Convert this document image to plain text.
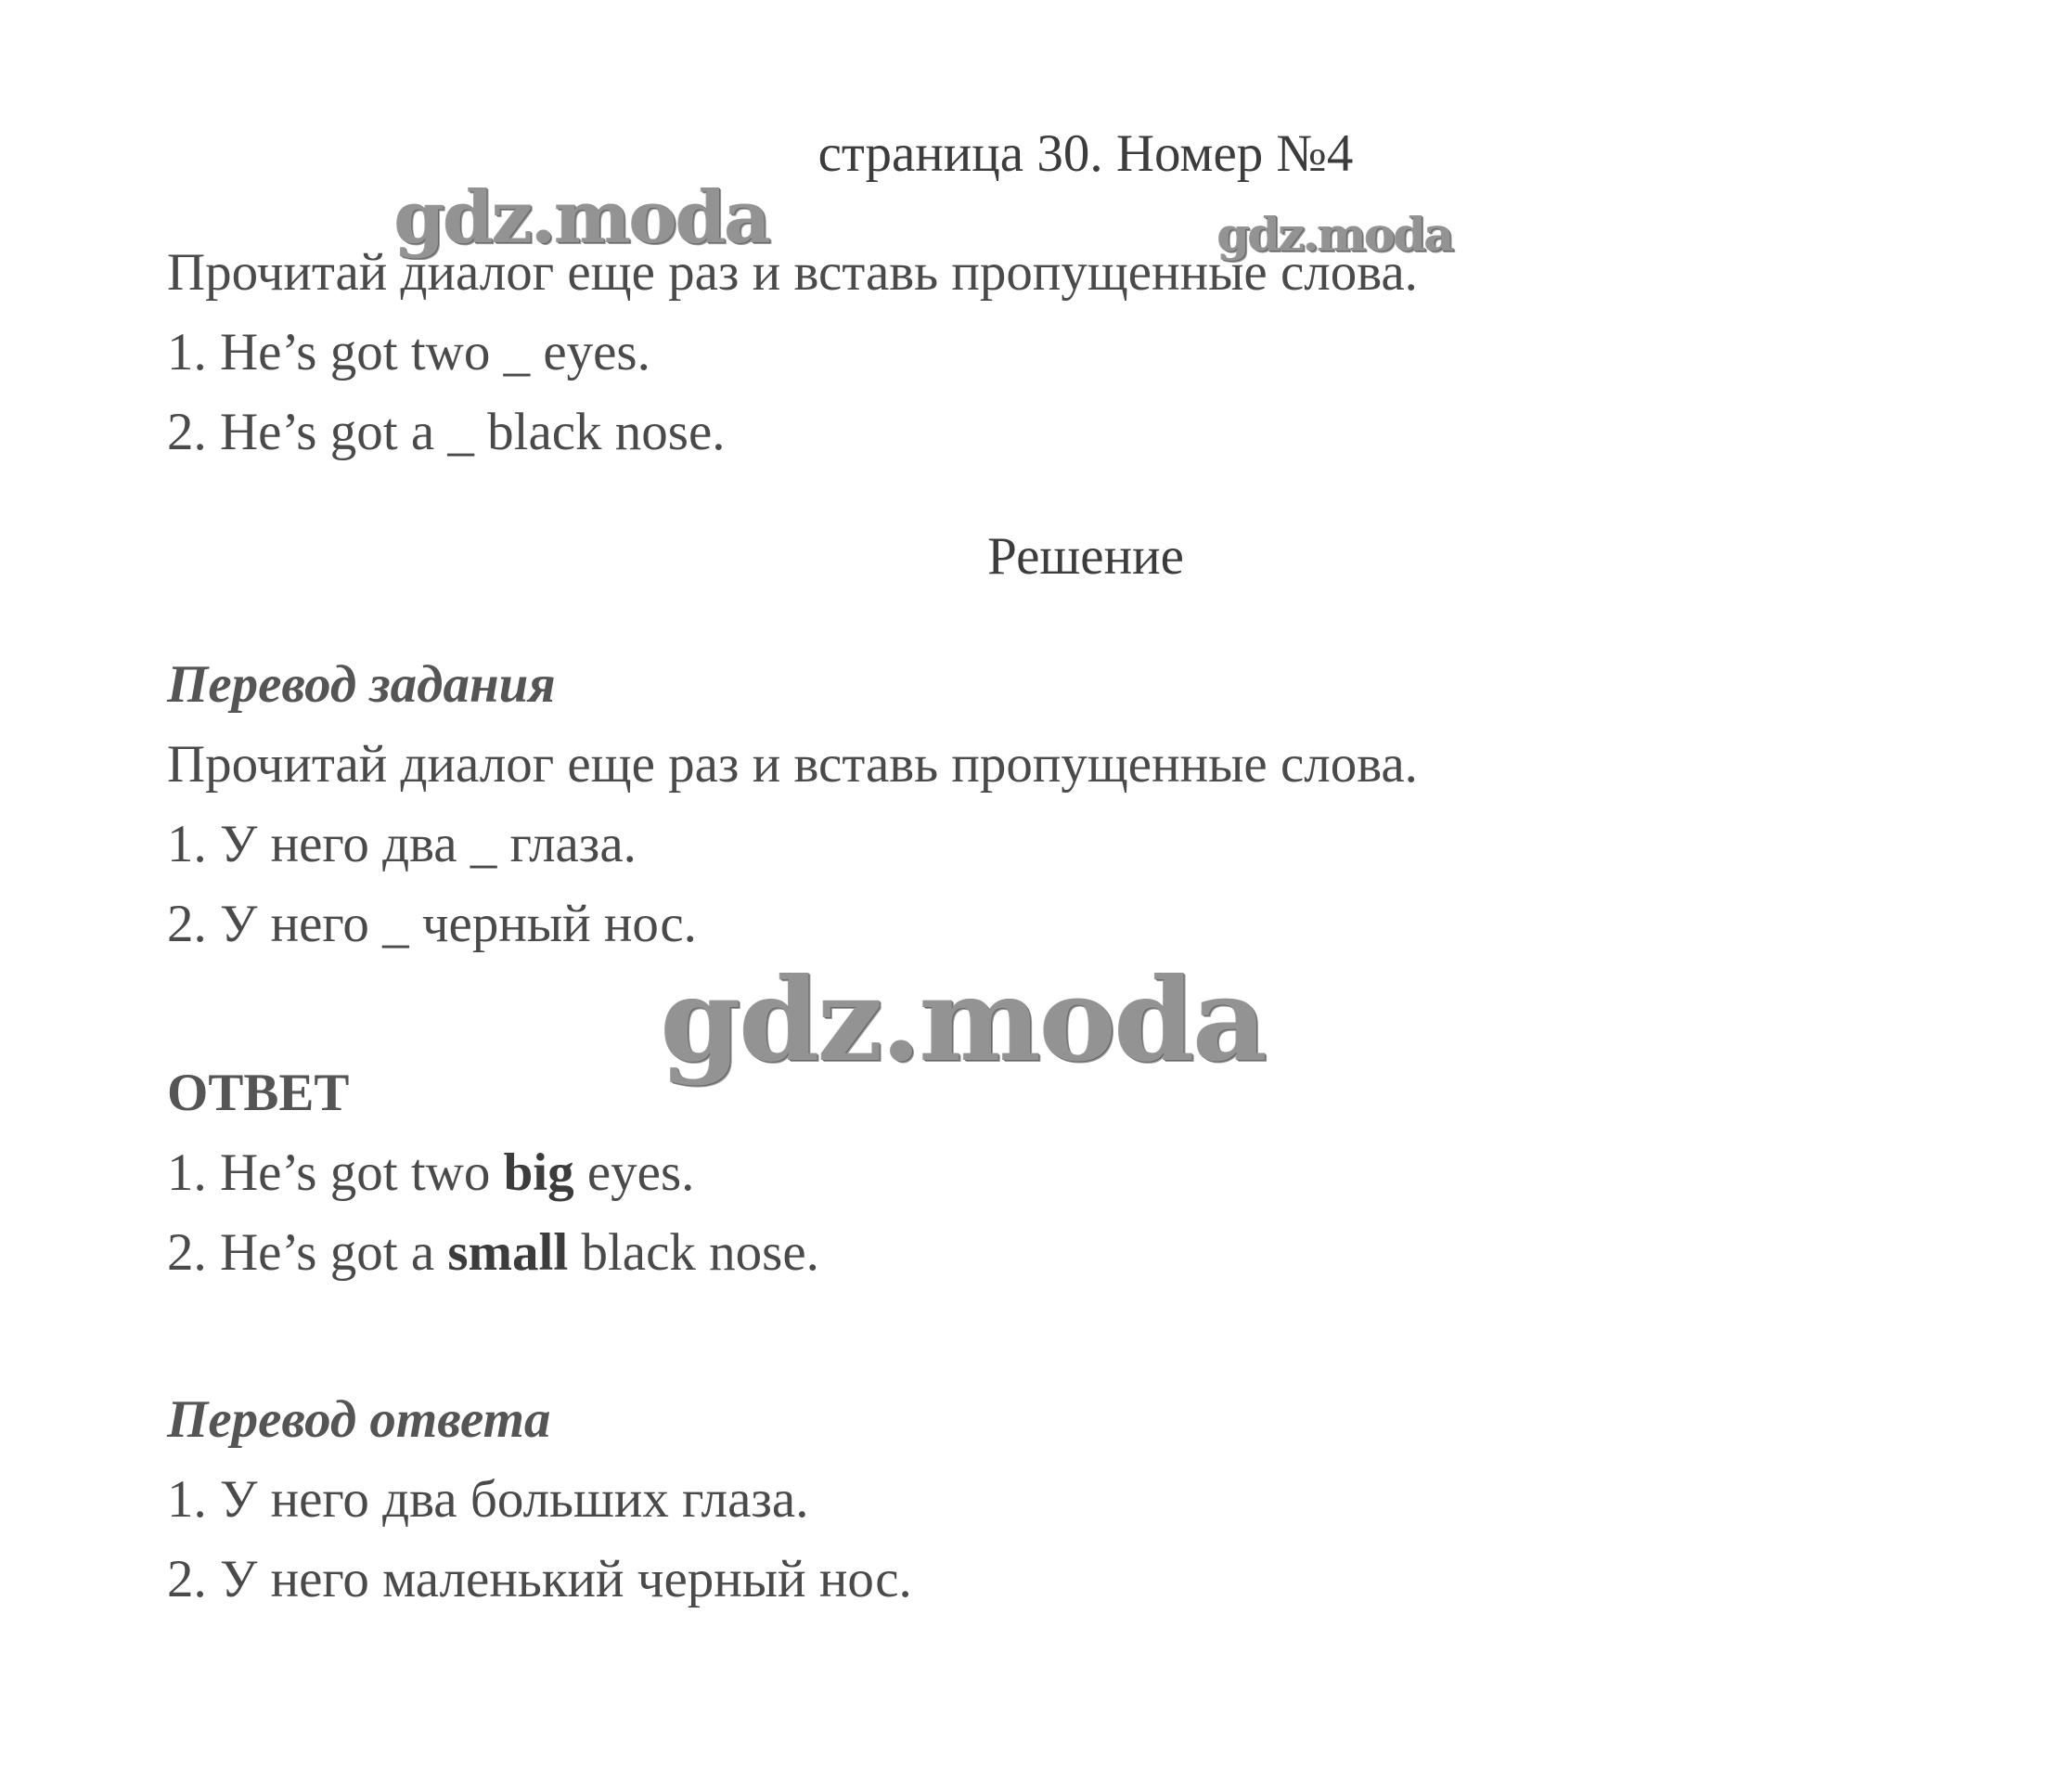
страница 30. Номер №4
Прочитай диалог еще раз и вставь пропущенные слова.
1. He’s got two _ eyes.
2. He’s got a _ black nose.
Решение
Перевод задания
Прочитай диалог еще раз и вставь пропущенные слова.
1. У него два _ глаза.
2. У него _ черный нос.
ОТВЕТ
1. He’s got two big eyes.
2. He’s got a small black nose.
Перевод ответа
1. У него два больших глаза.
2. У него маленький черный нос.
gdz.moda	gdz.moda
gdz.moda
